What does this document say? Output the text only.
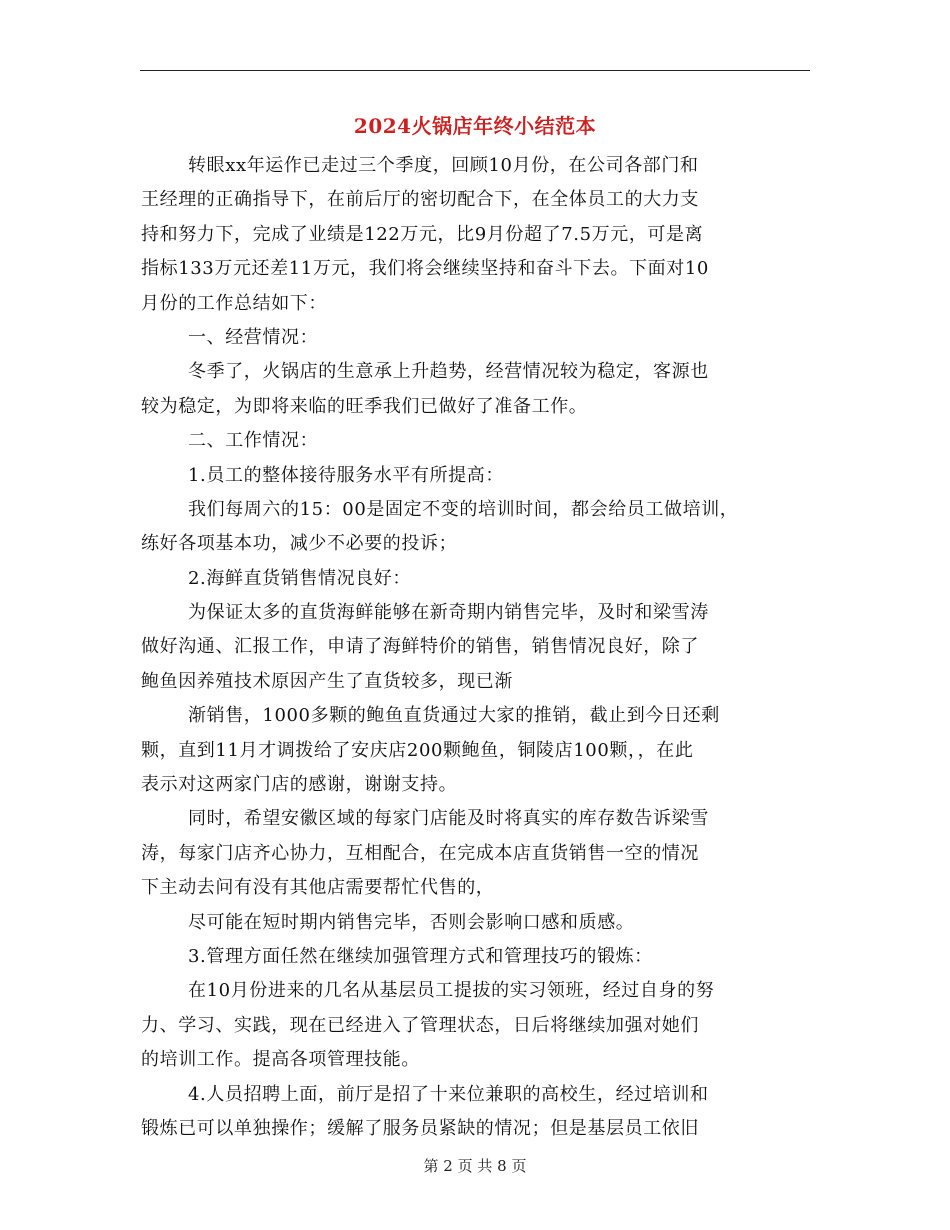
2024火锅店年终小结范本
转眼xx年运作已走过三个季度，回顾10月份，在公司各部门和
王经理的正确指导下，在前后厅的密切配合下，在全体员工的大力支
持和努力下，完成了业绩是122万元，比9月份超了7.5万元，可是离
指标133万元还差11万元，我们将会继续坚持和奋斗下去。下面对10
月份的工作总结如下：
一、经营情况：
冬季了，火锅店的生意承上升趋势，经营情况较为稳定，客源也
较为稳定，为即将来临的旺季我们已做好了准备工作。
二、工作情况：
1.员工的整体接待服务水平有所提高：
我们每周六的15：00是固定不变的培训时间，都会给员工做培训，
练好各项基本功，减少不必要的投诉；
2.海鲜直货销售情况良好：
为保证太多的直货海鲜能够在新奇期内销售完毕，及时和梁雪涛
做好沟通、汇报工作，申请了海鲜特价的销售，销售情况良好，除了
鲍鱼因养殖技术原因产生了直货较多，现已渐
渐销售，1000多颗的鲍鱼直货通过大家的推销，截止到今日还剩
颗，直到11月才调拨给了安庆店200颗鲍鱼，铜陵店100颗，，在此
表示对这两家门店的感谢，谢谢支持。
同时，希望安徽区域的每家门店能及时将真实的库存数告诉梁雪
涛，每家门店齐心协力，互相配合，在完成本店直货销售一空的情况
下主动去问有没有其他店需要帮忙代售的，
尽可能在短时期内销售完毕，否则会影响口感和质感。
3.管理方面任然在继续加强管理方式和管理技巧的锻炼：
在10月份进来的几名从基层员工提拔的实习领班，经过自身的努
力、学习、实践，现在已经进入了管理状态，日后将继续加强对她们
的培训工作。提高各项管理技能。
4.人员招聘上面，前厅是招了十来位兼职的高校生，经过培训和
锻炼已可以单独操作；缓解了服务员紧缺的情况；但是基层员工依旧
第 2 页 共 8 页
